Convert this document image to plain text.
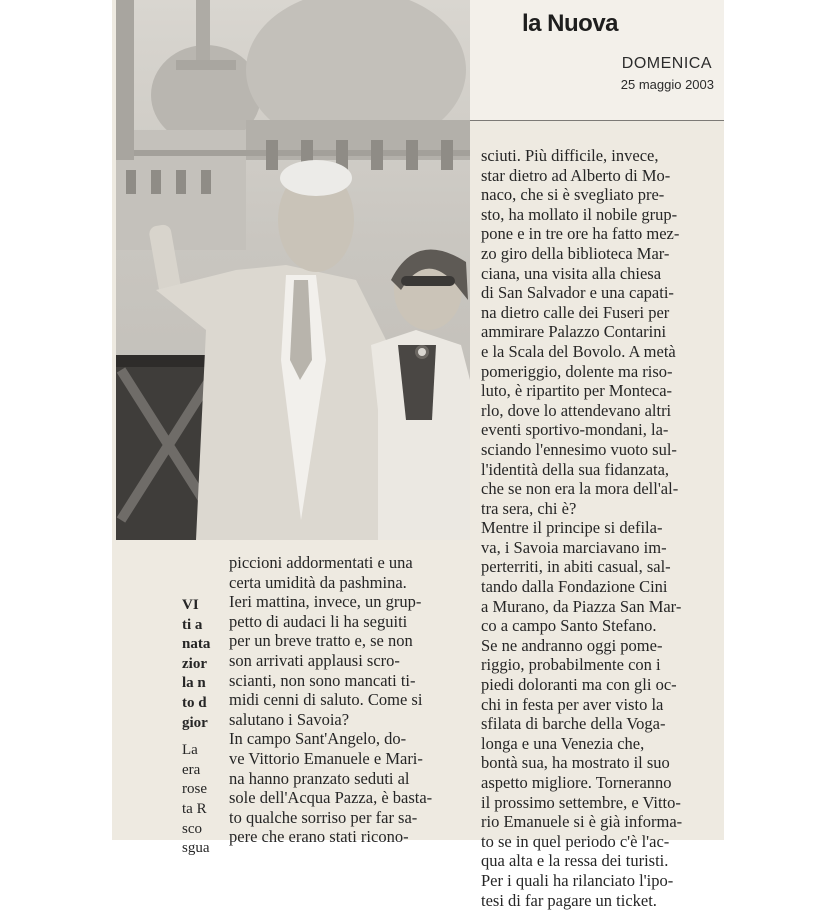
la Nuova
DOMENICA
25 maggio 2003
sciuti. Più difficile, invece,
star dietro ad Alberto di Mo-
naco, che si è svegliato pre-
sto, ha mollato il nobile grup-
pone e in tre ore ha fatto mez-
zo giro della biblioteca Mar-
ciana, una visita alla chiesa
di San Salvador e una capati-
na dietro calle dei Fuseri per
ammirare Palazzo Contarini
e la Scala del Bovolo. A metà
pomeriggio, dolente ma riso-
luto, è ripartito per Monteca-
rlo, dove lo attendevano altri
eventi sportivo-mondani, la-
sciando l'ennesimo vuoto sul-
l'identità della sua fidanzata,
che se non era la mora dell'al-
tra sera, chi è?
Mentre il principe si defila-
va, i Savoia marciavano im-
perterriti, in abiti casual, sal-
tando dalla Fondazione Cini
a Murano, da Piazza San Mar-
co a campo Santo Stefano.
Se ne andranno oggi pome-
riggio, probabilmente con i
piedi doloranti ma con gli oc-
chi in festa per aver visto la
sfilata di barche della Voga-
longa e una Venezia che,
bontà sua, ha mostrato il suo
aspetto migliore. Torneranno
il prossimo settembre, e Vitto-
rio Emanuele si è già informa-
to se in quel periodo c'è l'ac-
qua alta e la ressa dei turisti.
Per i quali ha rilanciato l'ipo-
tesi di far pagare un ticket.
piccioni addormentati e una
certa umidità da pashmina.
Ieri mattina, invece, un grup-
petto di audaci li ha seguiti
per un breve tratto e, se non
son arrivati applausi scro-
scianti, non sono mancati ti-
midi cenni di saluto. Come si
salutano i Savoia?
In campo Sant'Angelo, do-
ve Vittorio Emanuele e Mari-
na hanno pranzato seduti al
sole dell'Acqua Pazza, è basta-
to qualche sorriso per far sa-
pere che erano stati ricono-
VI
ti a
nata
zior
la n
to d
gior
La
era
rose
ta R
sco
sgua
